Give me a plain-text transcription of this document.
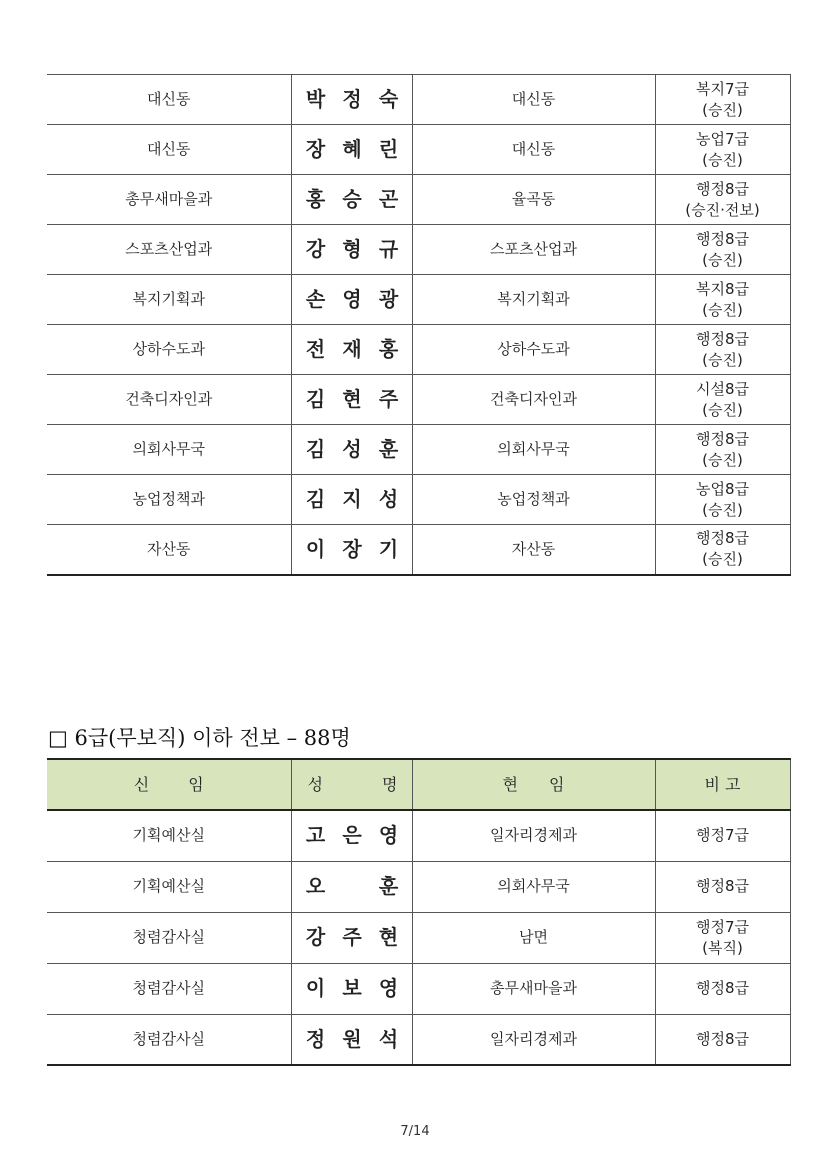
대신동	박 정 숙	대신동	복지7급
(승진)

대신동	장 혜 린	대신동	농업7급
(승진)

총무새마을과	홍 승 곤	율곡동	행정8급
(승진·전보)

스포츠산업과	강 형 규	스포츠산업과	행정8급
(승진)

복지기획과	손 영 광	복지기획과	복지8급
(승진)

상하수도과	전 재 홍	상하수도과	행정8급
(승진)

건축디자인과	김 현 주	건축디자인과	시설8급
(승진)

의회사무국	김 성 훈	의회사무국	행정8급
(승진)

농업정책과	김 지 성	농업정책과	농업8급
(승진)

자산동	이 장 기	자산동	행정8급
(승진)
□ 6급(무보직) 이하 전보 – 88명
신 임	성 명	현 임	비 고
기획예산실	고 은 영	일자리경제과	행정7급

기획예산실	오 훈	의회사무국	행정8급

청렴감사실	강 주 현	남면	행정7급
(복직)

청렴감사실	이 보 영	총무새마을과	행정8급

청렴감사실	정 원 석	일자리경제과	행정8급
7/14
